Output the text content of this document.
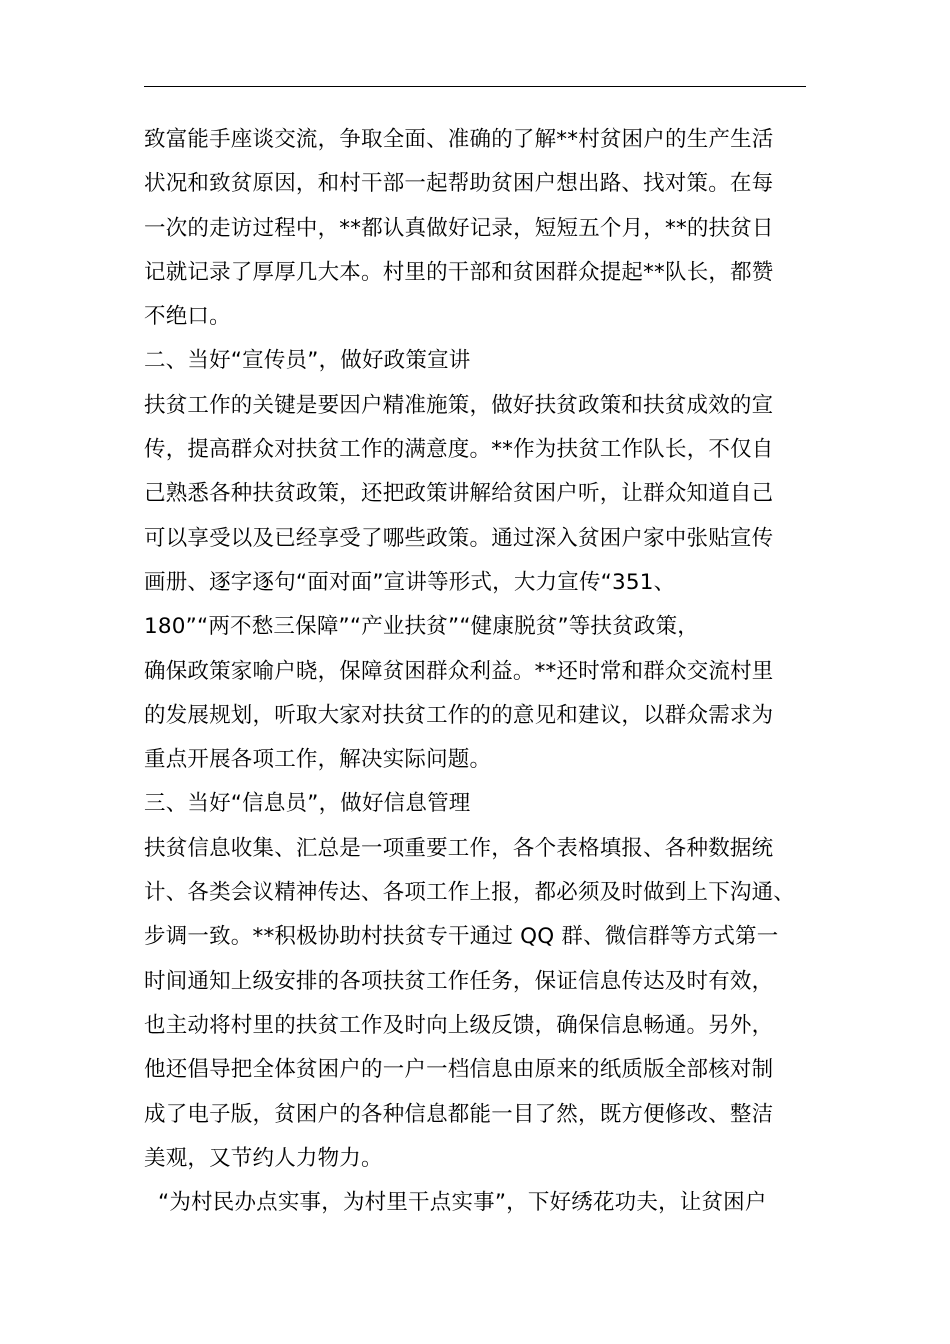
致富能手座谈交流，争取全面、准确的了解**村贫困户的生产生活
状况和致贫原因，和村干部一起帮助贫困户想出路、找对策。在每
一次的走访过程中，**都认真做好记录，短短五个月，**的扶贫日
记就记录了厚厚几大本。村里的干部和贫困群众提起**队长，都赞
不绝口。
二、当好“宣传员”，做好政策宣讲
扶贫工作的关键是要因户精准施策，做好扶贫政策和扶贫成效的宣
传，提高群众对扶贫工作的满意度。**作为扶贫工作队长，不仅自
己熟悉各种扶贫政策，还把政策讲解给贫困户听，让群众知道自己
可以享受以及已经享受了哪些政策。通过深入贫困户家中张贴宣传
画册、逐字逐句“面对面”宣讲等形式，大力宣传“351、
180”“两不愁三保障”“产业扶贫”“健康脱贫”等扶贫政策，
确保政策家喻户晓，保障贫困群众利益。**还时常和群众交流村里
的发展规划，听取大家对扶贫工作的的意见和建议，以群众需求为
重点开展各项工作，解决实际问题。
三、当好“信息员”，做好信息管理
扶贫信息收集、汇总是一项重要工作，各个表格填报、各种数据统
计、各类会议精神传达、各项工作上报，都必须及时做到上下沟通、
步调一致。**积极协助村扶贫专干通过 QQ 群、微信群等方式第一
时间通知上级安排的各项扶贫工作任务，保证信息传达及时有效，
也主动将村里的扶贫工作及时向上级反馈，确保信息畅通。另外，
他还倡导把全体贫困户的一户一档信息由原来的纸质版全部核对制
成了电子版，贫困户的各种信息都能一目了然，既方便修改、整洁
美观，又节约人力物力。
“为村民办点实事，为村里干点实事”，下好绣花功夫，让贫困户
